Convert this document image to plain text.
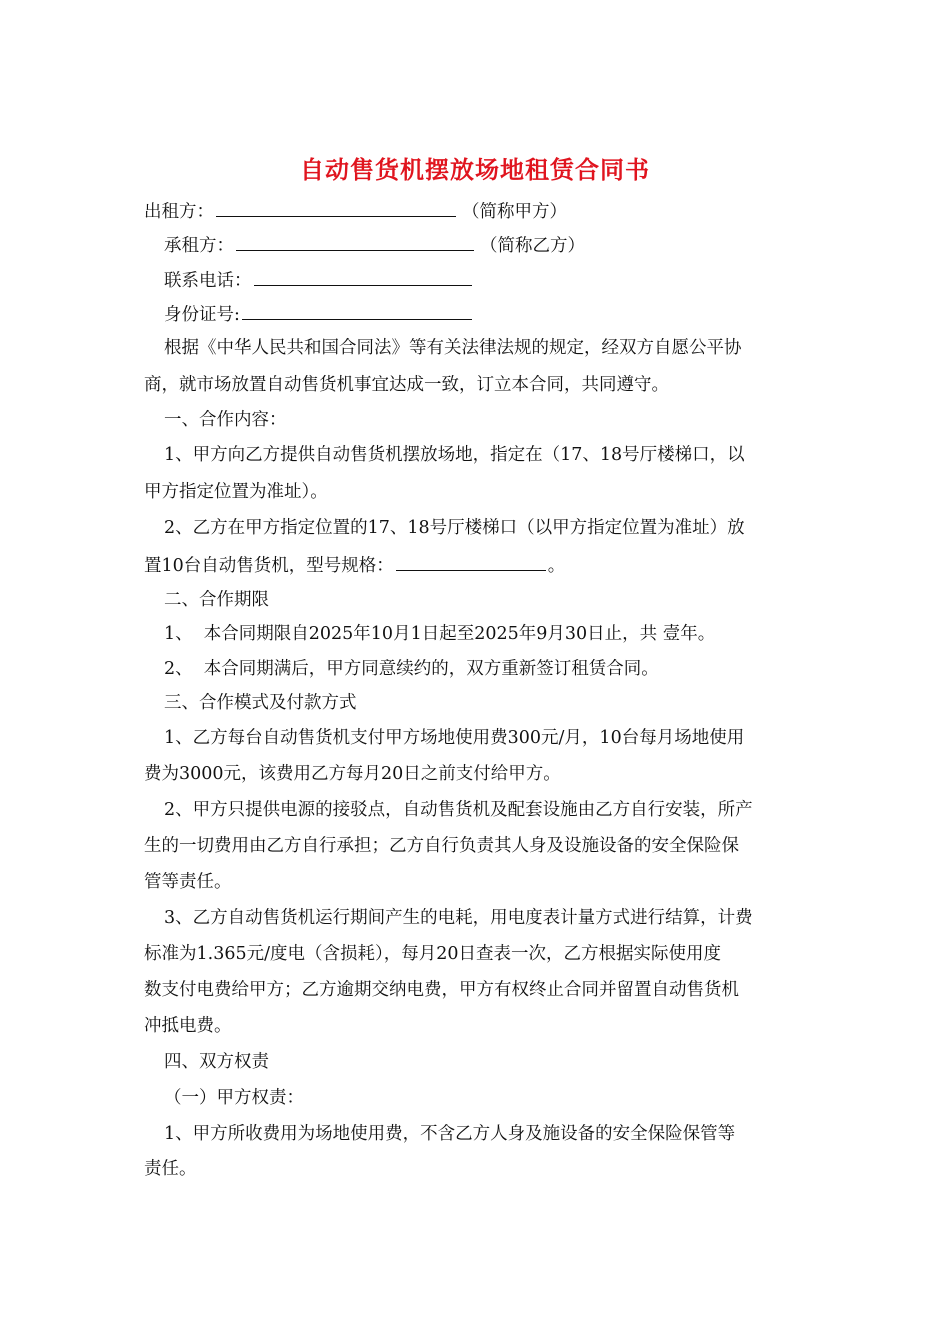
自动售货机摆放场地租赁合同书
出租方：	（简称甲方）
承租方：	（简称乙方）
联系电话：
身份证号:
根据《中华人民共和国合同法》等有关法律法规的规定，经双方自愿公平协
商，就市场放置自动售货机事宜达成一致，订立本合同，共同遵守。
一、合作内容：
1、甲方向乙方提供自动售货机摆放场地，指定在（17、18号厅楼梯口，以
甲方指定位置为准址）。
2、乙方在甲方指定位置的17、18号厅楼梯口（以甲方指定位置为准址）放
置10台自动售货机，型号规格：	。
二、合作期限
1、  本合同期限自2025年10月1日起至2025年9月30日止，共 壹年。
2、  本合同期满后，甲方同意续约的，双方重新签订租赁合同。
三、合作模式及付款方式
1、乙方每台自动售货机支付甲方场地使用费300元/月，10台每月场地使用
费为3000元，该费用乙方每月20日之前支付给甲方。
2、甲方只提供电源的接驳点，自动售货机及配套设施由乙方自行安装，所产
生的一切费用由乙方自行承担；乙方自行负责其人身及设施设备的安全保险保
管等责任。
3、乙方自动售货机运行期间产生的电耗，用电度表计量方式进行结算，计费
标准为1.365元/度电（含损耗），每月20日查表一次，乙方根据实际使用度
数支付电费给甲方；乙方逾期交纳电费，甲方有权终止合同并留置自动售货机
冲抵电费。
四、双方权责
（一）甲方权责：
1、甲方所收费用为场地使用费，不含乙方人身及施设备的安全保险保管等
责任。
